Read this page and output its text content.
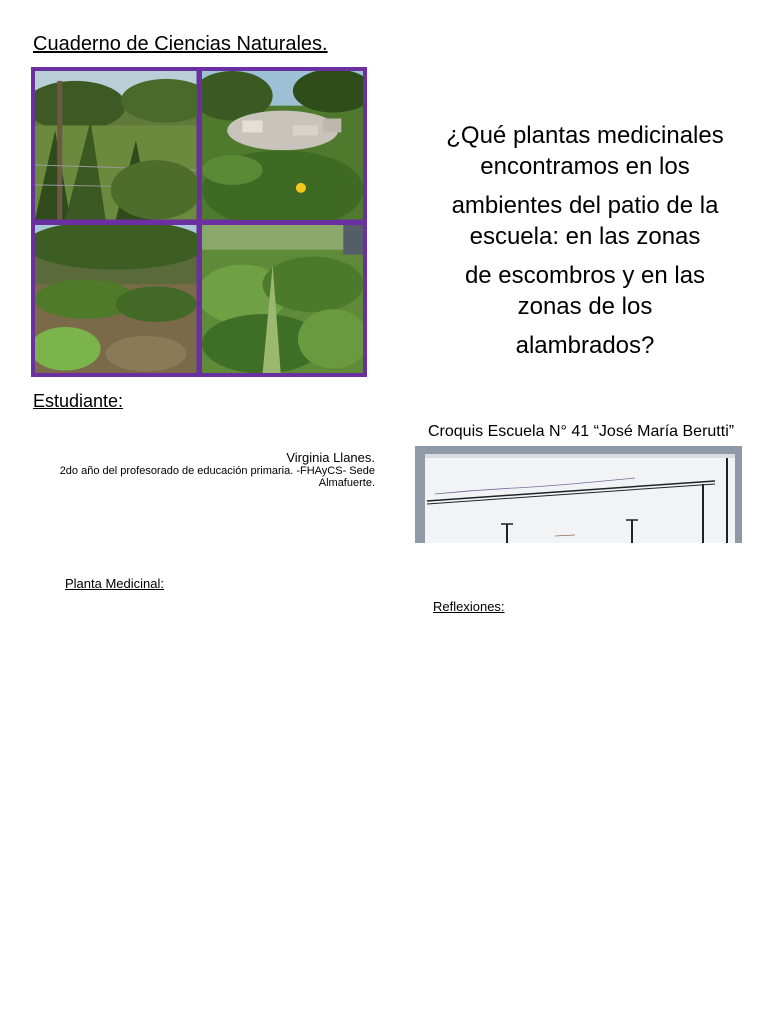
Cuaderno de Ciencias Naturales.

¿Qué plantas medicinales encontramos en los

ambientes del patio de la escuela: en las zonas

de escombros y en las zonas de los

alambrados?

Estudiante:
Croquis Escuela N° 41 “José María Berutti”
Virginia Llanes.
2do año del profesorado de educación primaria. -FHAyCS- Sede Almafuerte.
Planta Medicinal:
Reflexiones:
